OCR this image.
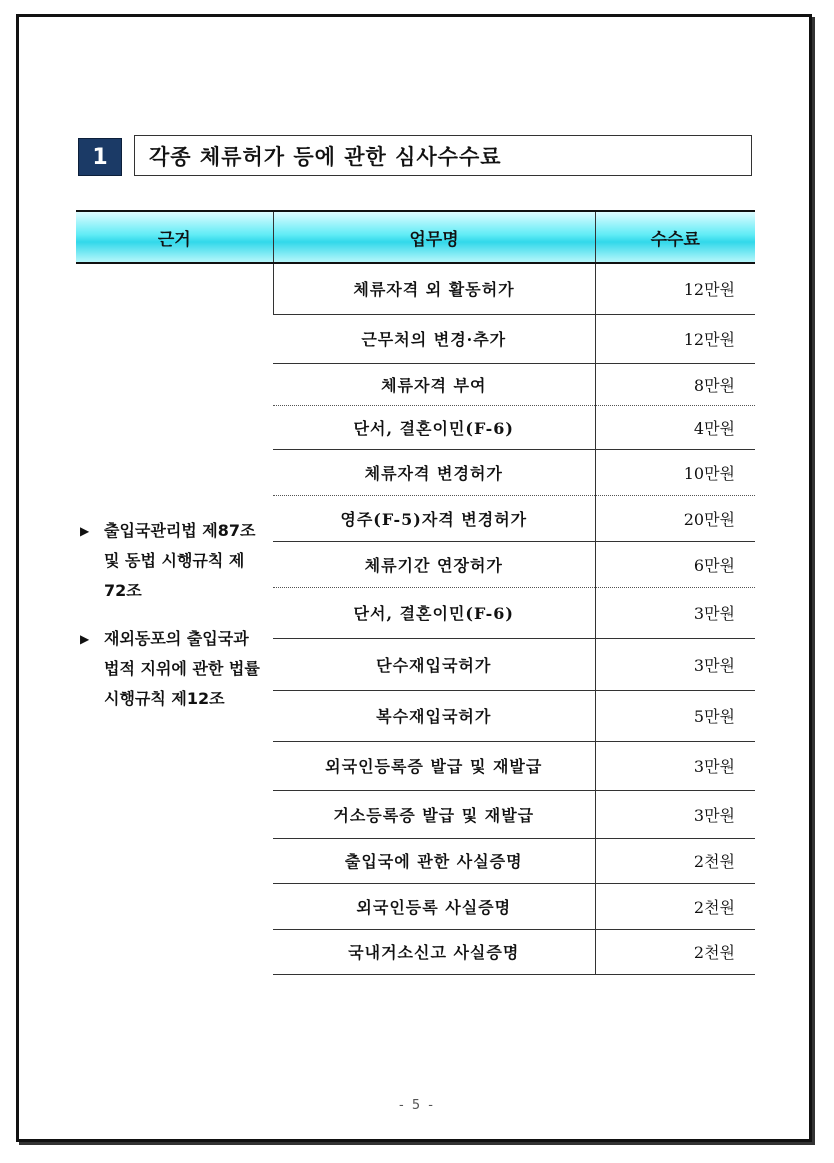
1	각종 체류허가 등에 관한 심사수수료
근거	업무명	수수료

▶ 출입국관리법 제87조 및 동법 시행규칙 제72조
▶ 재외동포의 출입국과 법적 지위에 관한 법률 시행규칙 제12조	체류자격 외 활동허가	12만원
	근무처의 변경·추가	12만원
	체류자격 부여	8만원
	단서, 결혼이민(F-6)	4만원
	체류자격 변경허가	10만원
	영주(F-5)자격 변경허가	20만원
	체류기간 연장허가	6만원
	단서, 결혼이민(F-6)	3만원
	단수재입국허가	3만원
	복수재입국허가	5만원
	외국인등록증 발급 및 재발급	3만원
	거소등록증 발급 및 재발급	3만원
	출입국에 관한 사실증명	2천원
	외국인등록 사실증명	2천원
	국내거소신고 사실증명	2천원
- 5 -
